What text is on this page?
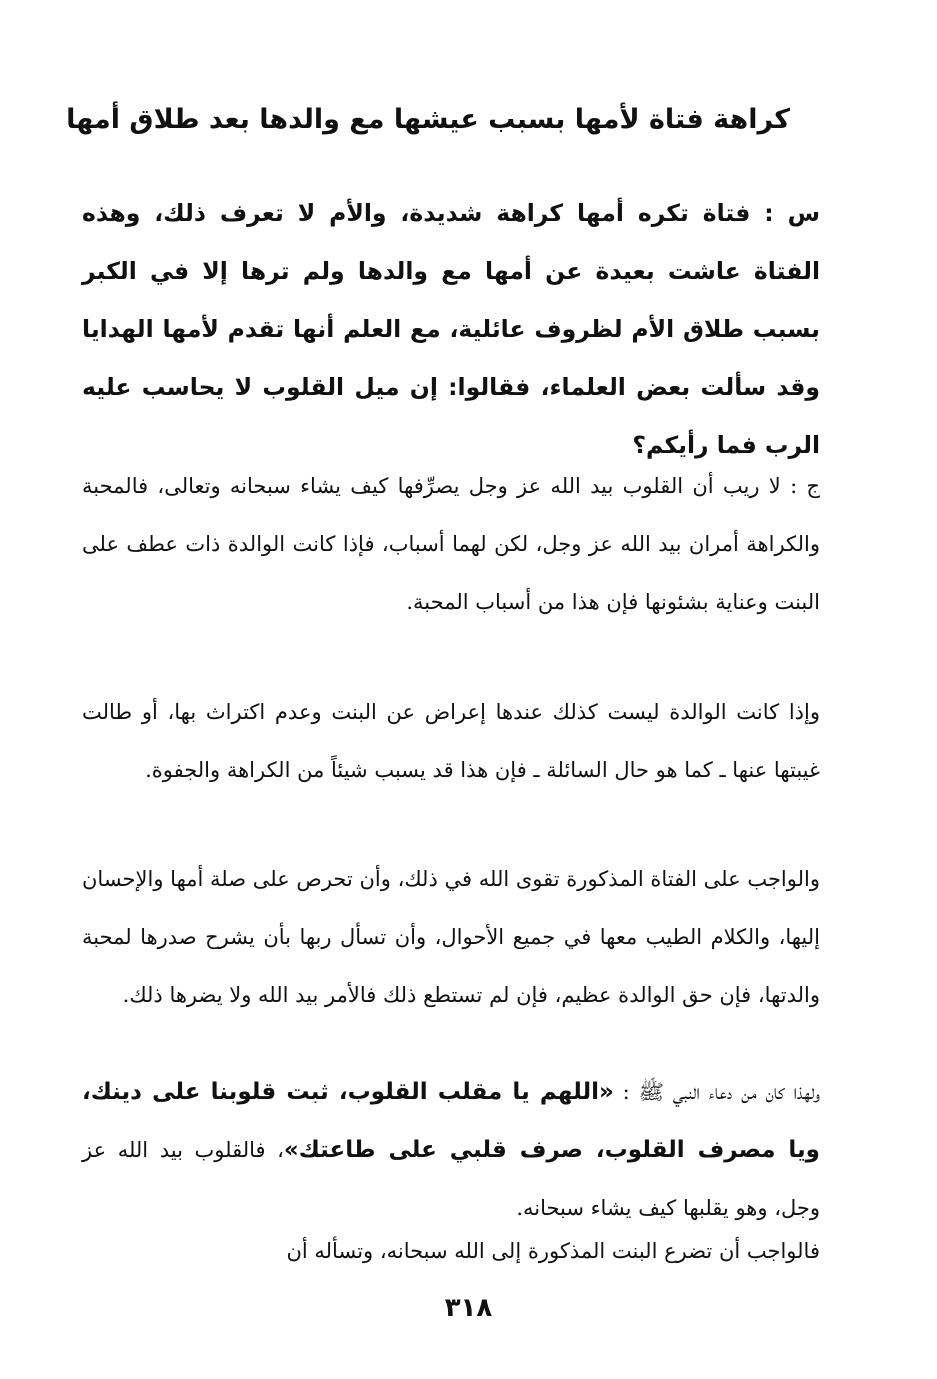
كراهة فتاة لأمها بسبب عيشها مع والدها بعد طلاق أمها

س : فتاة تكره أمها كراهة شديدة، والأم لا تعرف ذلك، وهذه الفتاة عاشت بعيدة عن أمها مع والدها ولم ترها إلا في الكبر بسبب طلاق الأم لظروف عائلية، مع العلم أنها تقدم لأمها الهدايا وقد سألت بعض العلماء، فقالوا: إن ميل القلوب لا يحاسب عليه الرب فما رأيكم؟

ج : لا ريب أن القلوب بيد الله عز وجل يصرِّفها كيف يشاء سبحانه وتعالى، فالمحبة والكراهة أمران بيد الله عز وجل، لكن لهما أسباب، فإذا كانت الوالدة ذات عطف على البنت وعناية بشئونها فإن هذا من أسباب المحبة.

وإذا كانت الوالدة ليست كذلك عندها إعراض عن البنت وعدم اكتراث بها، أو طالت غيبتها عنها ـ كما هو حال السائلة ـ فإن هذا قد يسبب شيئاً من الكراهة والجفوة.

والواجب على الفتاة المذكورة تقوى الله في ذلك، وأن تحرص على صلة أمها والإحسان إليها، والكلام الطيب معها في جميع الأحوال، وأن تسأل ربها بأن يشرح صدرها لمحبة والدتها، فإن حق الوالدة عظيم، فإن لم تستطع ذلك فالأمر بيد الله ولا يضرها ذلك.

ولهذا كان من دعاء النبي ﷺ : «اللهم يا مقلب القلوب، ثبت قلوبنا على دينك، ويا مصرف القلوب، صرف قلبي على طاعتك»، فالقلوب بيد الله عز وجل، وهو يقلبها كيف يشاء سبحانه.

فالواجب أن تضرع البنت المذكورة إلى الله سبحانه، وتسأله أن

٣١٨
